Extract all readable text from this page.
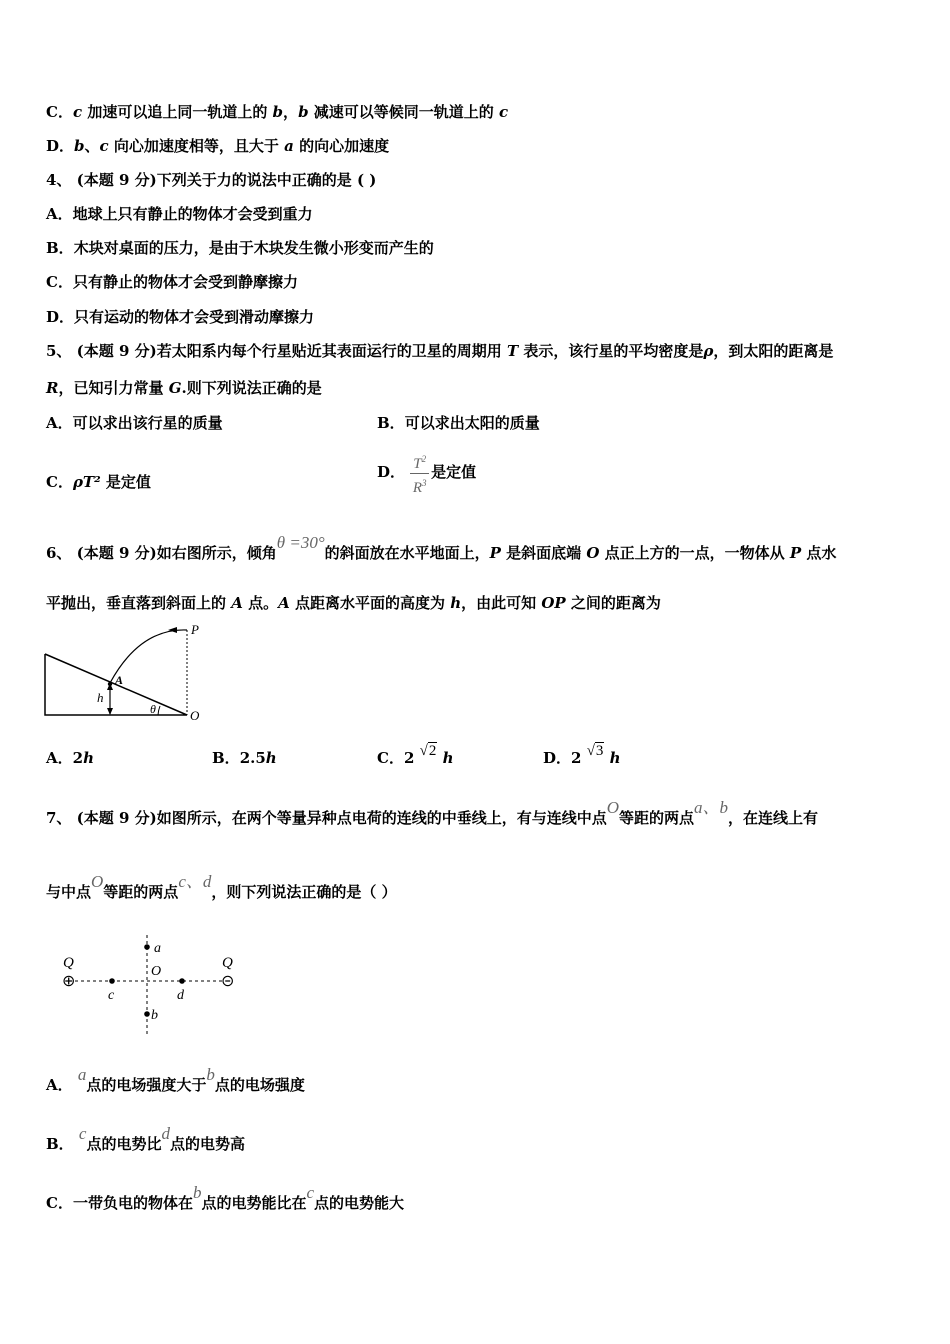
C．c 加速可以追上同一轨道上的 b，b 减速可以等候同一轨道上的 c
D．b、c 向心加速度相等，且大于 a 的向心加速度
4、 (本题 9 分)下列关于力的说法中正确的是 ( )
A．地球上只有静止的物体才会受到重力
B．木块对桌面的压力，是由于木块发生微小形变而产生的
C．只有静止的物体才会受到静摩擦力
D．只有运动的物体才会受到滑动摩擦力
5、 (本题 9 分)若太阳系内每个行星贴近其表面运行的卫星的周期用 T 表示，该行星的平均密度是ρ，到太阳的距离是
R，已知引力常量 G.则下列说法正确的是
A．可以求出该行星的质量	B．可以求出太阳的质量
C．ρT² 是定值
D． $\frac{T^2}{R^3}$ 是定值
6、 (本题 9 分)如右图所示，倾角θ =30°的斜面放在水平地面上，P 是斜面底端 O 点正上方的一点，一物体从 P 点水
平抛出，垂直落到斜面上的 A 点。A 点距离水平面的高度为 h，由此可知 OP 之间的距离为
P
A
h
θ	O
A．2h	B．2.5h	C．2 √2 h	D．2 √3 h
7、 (本题 9 分)如图所示，在两个等量异种点电荷的连线的中垂线上，有与连线中点O等距的两点a、b，在连线上有
与中点O等距的两点c、d，则下列说法正确的是（ ）
⊕	⊝
Q	Q
a
O
c	d
b
A． a点的电场强度大于b点的电场强度
B． c点的电势比d点的电势高
C．一带负电的物体在b点的电势能比在c点的电势能大
